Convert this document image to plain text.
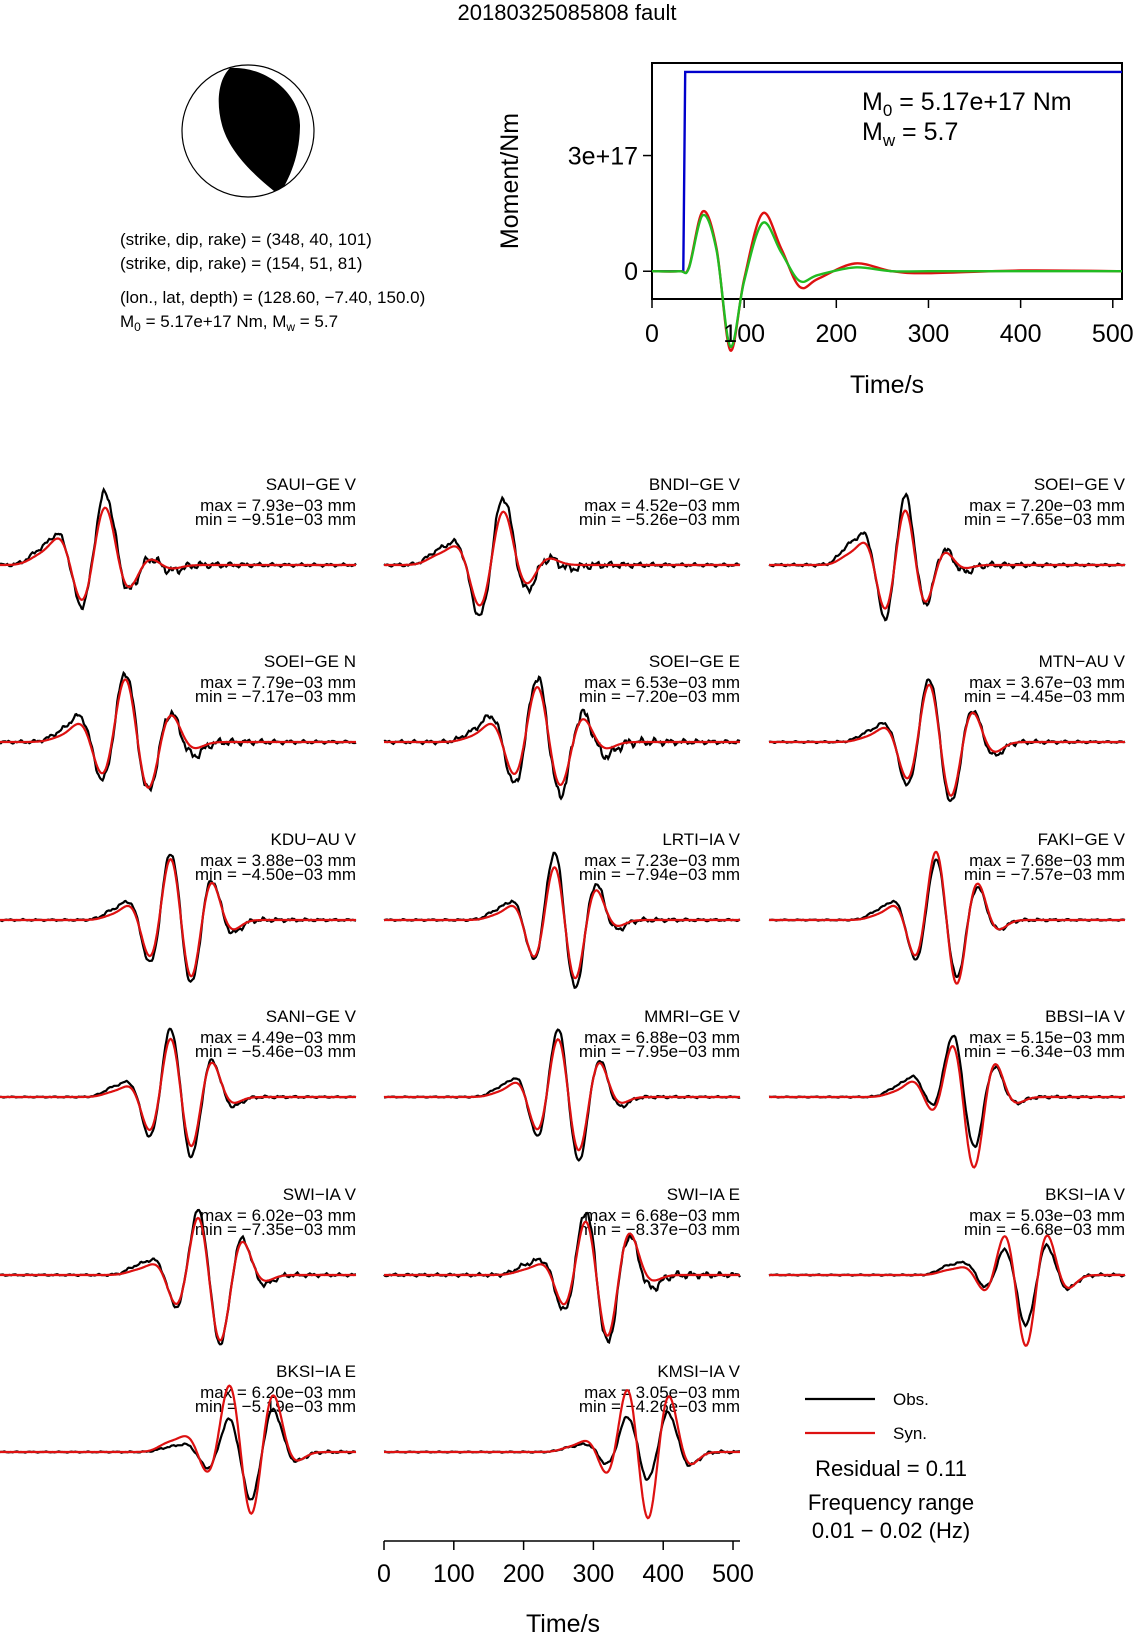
20180325085808 fault
(strike, dip, rake) = (348, 40, 101)
(strike, dip, rake) = (154, 51, 81)
(lon., lat, depth) = (128.60, −7.40, 150.0)
$M_0 = 5.17e+17$ Nm, $M_w = 5.7$	0	100 200 300 400 500
0
3e+17
Moment/Nm
Time/s
$M_0 = 5.17e+17$ Nm
$M_w = 5.7$
SAUI−GE V
max = 7.93e−03 mm
min = −9.51e−03 mm
BNDI−GE V
max = 4.52e−03 mm
min = −5.26e−03 mm
SOEI−GE V
max = 7.20e−03 mm
min = −7.65e−03 mm
SOEI−GE N
max = 7.79e−03 mm
min = −7.17e−03 mm
SOEI−GE E
max = 6.53e−03 mm
min = −7.20e−03 mm
MTN−AU V
max = 3.67e−03 mm
min = −4.45e−03 mm
KDU−AU V
max = 3.88e−03 mm
min = −4.50e−03 mm
LRTI−IA V
max = 7.23e−03 mm
min = −7.94e−03 mm
FAKI−GE V
max = 7.68e−03 mm
min = −7.57e−03 mm
SANI−GE V
max = 4.49e−03 mm
min = −5.46e−03 mm
MMRI−GE V
max = 6.88e−03 mm
min = −7.95e−03 mm
BBSI−IA V
max = 5.15e−03 mm
min = −6.34e−03 mm
SWI−IA V
max = 6.02e−03 mm
min = −7.35e−03 mm
SWI−IA E
max = 6.68e−03 mm
min = −8.37e−03 mm
BKSI−IA V
max = 5.03e−03 mm
min = −6.68e−03 mm
BKSI−IA E
max = 6.20e−03 mm
min = −5.19e−03 mm
KMSI−IA V
max = 3.05e−03 mm
min = −4.26e−03 mm
0 100 200 300 400 500
Time/s
Obs.
Syn.
Residual = 0.11
Frequency range
0.01 − 0.02 (Hz)
